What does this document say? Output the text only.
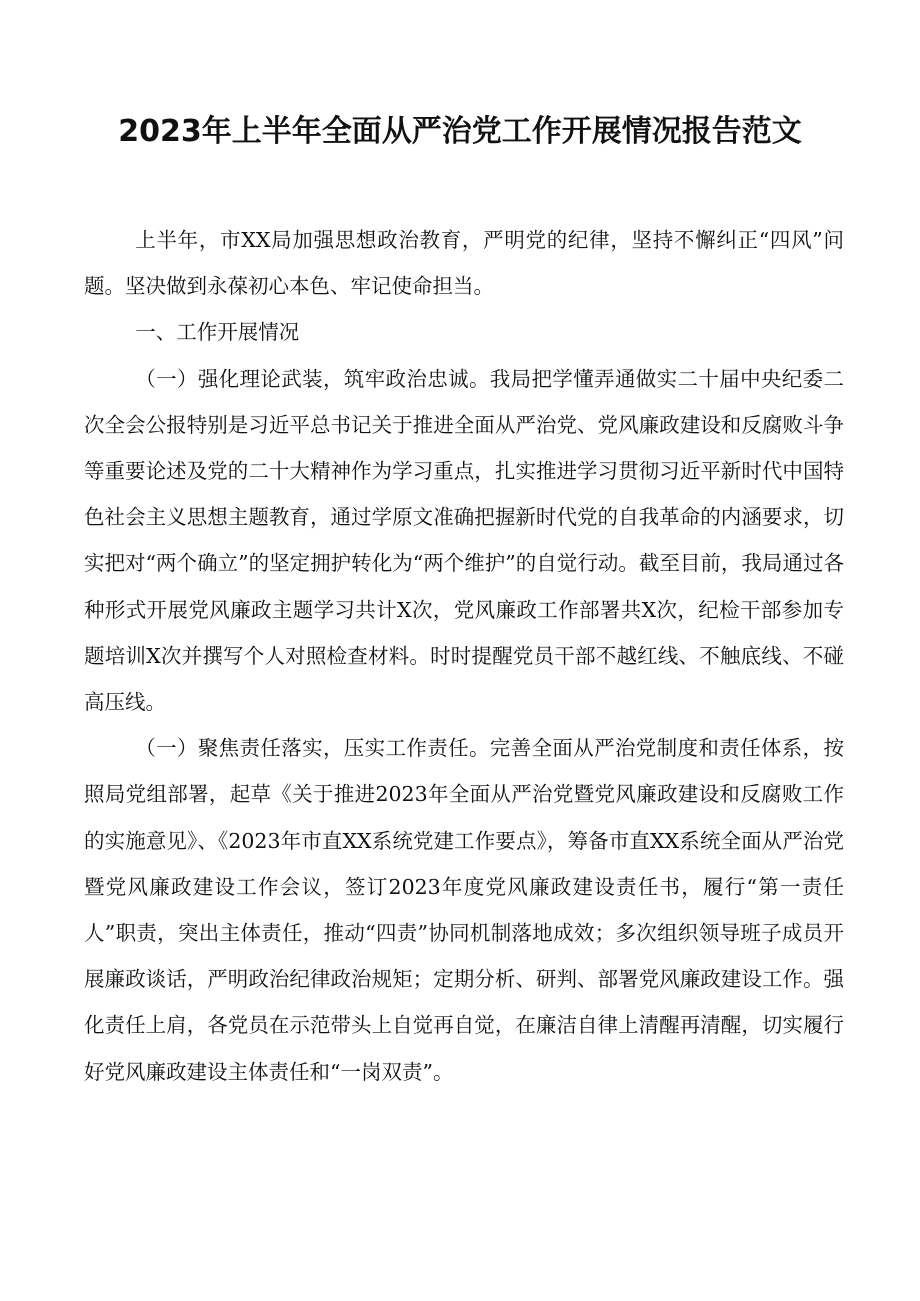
2023年上半年全面从严治党工作开展情况报告范文

上半年，市XX局加强思想政治教育，严明党的纪律，坚持不懈纠正“四风”问题。坚决做到永葆初心本色、牢记使命担当。

一、工作开展情况

（一）强化理论武装，筑牢政治忠诚。我局把学懂弄通做实二十届中央纪委二次全会公报特别是习近平总书记关于推进全面从严治党、党风廉政建设和反腐败斗争等重要论述及党的二十大精神作为学习重点，扎实推进学习贯彻习近平新时代中国特色社会主义思想主题教育，通过学原文准确把握新时代党的自我革命的内涵要求，切实把对“两个确立”的坚定拥护转化为“两个维护”的自觉行动。截至目前，我局通过各种形式开展党风廉政主题学习共计X次，党风廉政工作部署共X次，纪检干部参加专题培训X次并撰写个人对照检查材料。时时提醒党员干部不越红线、不触底线、不碰高压线。

（一）聚焦责任落实，压实工作责任。完善全面从严治党制度和责任体系，按照局党组部署，起草《关于推进2023年全面从严治党暨党风廉政建设和反腐败工作的实施意见》、《2023年市直XX系统党建工作要点》，筹备市直XX系统全面从严治党暨党风廉政建设工作会议，签订2023年度党风廉政建设责任书，履行“第一责任人”职责，突出主体责任，推动“四责”协同机制落地成效；多次组织领导班子成员开展廉政谈话，严明政治纪律政治规矩；定期分析、研判、部署党风廉政建设工作。强化责任上肩，各党员在示范带头上自觉再自觉，在廉洁自律上清醒再清醒，切实履行好党风廉政建设主体责任和“一岗双责”。
